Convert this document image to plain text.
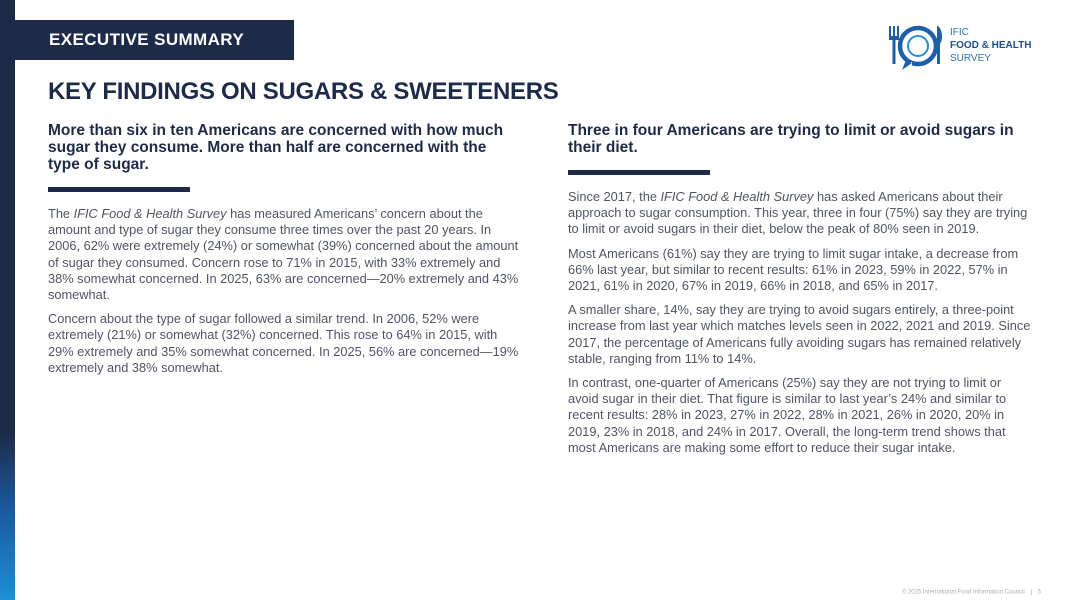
EXECUTIVE SUMMARY	IFIC
FOOD & HEALTH
SURVEY
KEY FINDINGS ON SUGARS & SWEETENERS
More than six in ten Americans are concerned with how much sugar they consume. More than half are concerned with the type of sugar.

The IFIC Food & Health Survey has measured Americans’ concern about the amount and type of sugar they consume three times over the past 20 years. In 2006, 62% were extremely (24%) or somewhat (39%) concerned about the amount of sugar they consumed. Concern rose to 71% in 2015, with 33% extremely and 38% somewhat concerned. In 2025, 63% are concerned—20% extremely and 43% somewhat.

Concern about the type of sugar followed a similar trend. In 2006, 52% were extremely (21%) or somewhat (32%) concerned. This rose to 64% in 2015, with 29% extremely and 35% somewhat concerned. In 2025, 56% are concerned—19% extremely and 38% somewhat.

Three in four Americans are trying to limit or avoid sugars in their diet.

Since 2017, the IFIC Food & Health Survey has asked Americans about their approach to sugar consumption. This year, three in four (75%) say they are trying to limit or avoid sugars in their diet, below the peak of 80% seen in 2019.

Most Americans (61%) say they are trying to limit sugar intake, a decrease from 66% last year, but similar to recent results: 61% in 2023, 59% in 2022, 57% in 2021, 61% in 2020, 67% in 2019, 66% in 2018, and 65% in 2017.

A smaller share, 14%, say they are trying to avoid sugars entirely, a three-point increase from last year which matches levels seen in 2022, 2021 and 2019. Since 2017, the percentage of Americans fully avoiding sugars has remained relatively stable, ranging from 11% to 14%.

In contrast, one-quarter of Americans (25%) say they are not trying to limit or avoid sugar in their diet. That figure is similar to last year’s 24% and similar to recent results: 28% in 2023, 27% in 2022, 28% in 2021, 26% in 2020, 20% in 2019, 23% in 2018, and 24% in 2017. Overall, the long-term trend shows that most Americans are making some effort to reduce their sugar intake.

© 2025 International Food Information Council 5
